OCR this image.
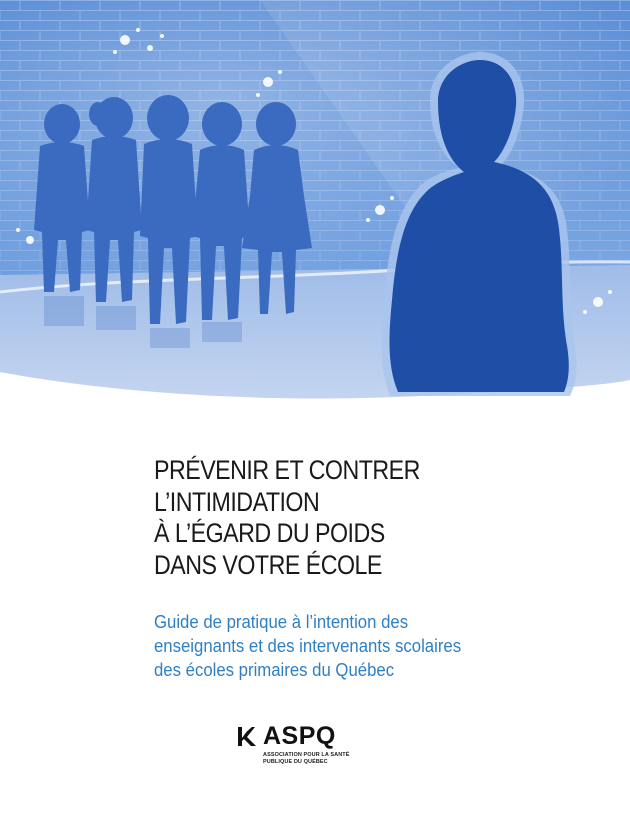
PRÉVENIR ET CONTRER
L’INTIMIDATION
À L’ÉGARD DU POIDS
DANS VOTRE ÉCOLE
Guide de pratique à l’intention des
enseignants et des intervenants scolaires
des écoles primaires du Québec
ASPQ
ASSOCIATION POUR LA SANTÉ
PUBLIQUE DU QUÉBEC
